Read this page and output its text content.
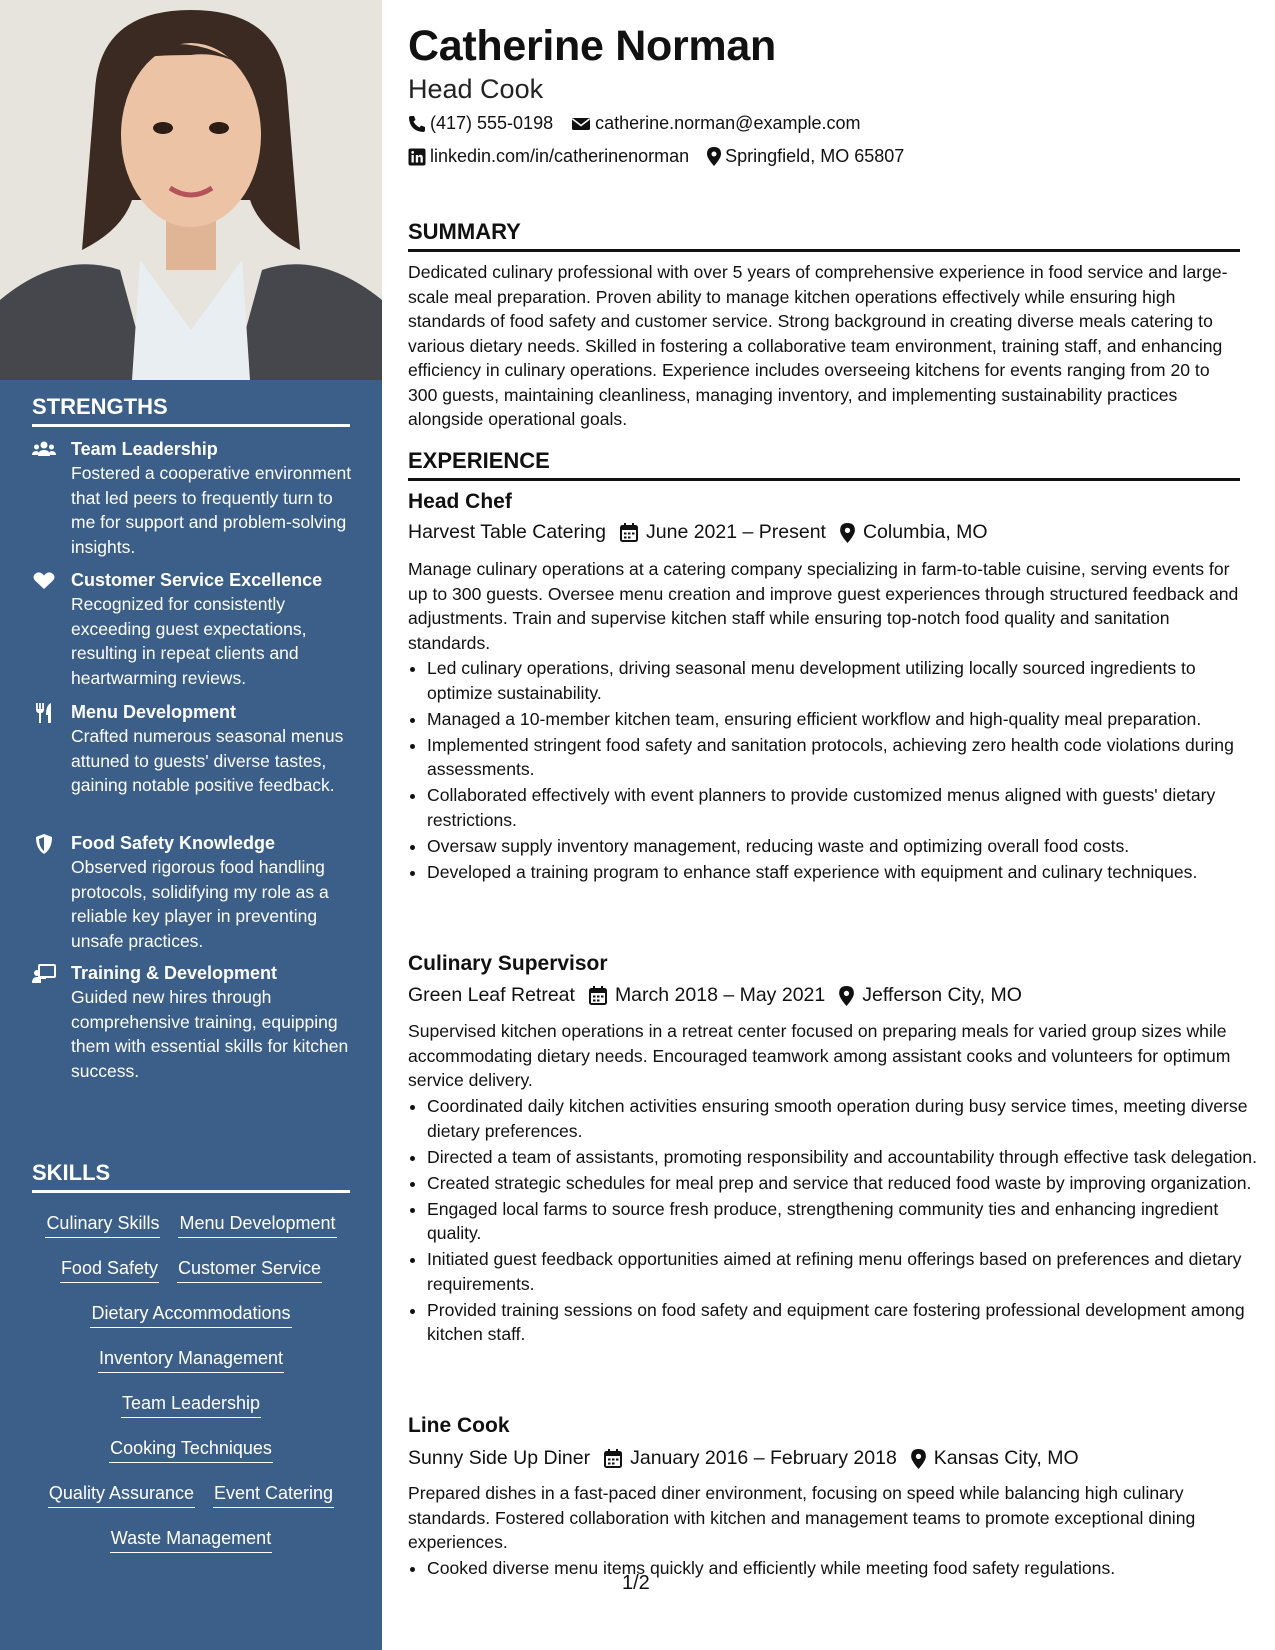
STRENGTHS
Team Leadership
Fostered a cooperative environment that led peers to frequently turn to me for support and problem-solving insights.
Customer Service Excellence
Recognized for consistently exceeding guest expectations, resulting in repeat clients and heartwarming reviews.
Menu Development
Crafted numerous seasonal menus attuned to guests' diverse tastes, gaining notable positive feedback.
Food Safety Knowledge
Observed rigorous food handling protocols, solidifying my role as a reliable key player in preventing unsafe practices.
Training & Development
Guided new hires through comprehensive training, equipping them with essential skills for kitchen success.
SKILLS
Culinary Skills Menu Development
Food Safety Customer Service
Dietary Accommodations
Inventory Management
Team Leadership
Cooking Techniques
Quality Assurance Event Catering
Waste Management
Catherine Norman
Head Cook
(417) 555-0198 catherine.norman@example.com
linkedin.com/in/catherinenorman Springfield, MO 65807
SUMMARY
Dedicated culinary professional with over 5 years of comprehensive experience in food service and large-scale meal preparation. Proven ability to manage kitchen operations effectively while ensuring high standards of food safety and customer service. Strong background in creating diverse meals catering to various dietary needs. Skilled in fostering a collaborative team environment, training staff, and enhancing efficiency in culinary operations. Experience includes overseeing kitchens for events ranging from 20 to 300 guests, maintaining cleanliness, managing inventory, and implementing sustainability practices alongside operational goals.
EXPERIENCE
Head Chef
Harvest Table Catering June 2021 – Present Columbia, MO
Manage culinary operations at a catering company specializing in farm-to-table cuisine, serving events for up to 300 guests. Oversee menu creation and improve guest experiences through structured feedback and adjustments. Train and supervise kitchen staff while ensuring top-notch food quality and sanitation standards.
• Led culinary operations, driving seasonal menu development utilizing locally sourced ingredients to optimize sustainability.
• Managed a 10-member kitchen team, ensuring efficient workflow and high-quality meal preparation.
• Implemented stringent food safety and sanitation protocols, achieving zero health code violations during assessments.
• Collaborated effectively with event planners to provide customized menus aligned with guests' dietary restrictions.
• Oversaw supply inventory management, reducing waste and optimizing overall food costs.
• Developed a training program to enhance staff experience with equipment and culinary techniques.
Culinary Supervisor
Green Leaf Retreat March 2018 – May 2021 Jefferson City, MO
Supervised kitchen operations in a retreat center focused on preparing meals for varied group sizes while accommodating dietary needs. Encouraged teamwork among assistant cooks and volunteers for optimum service delivery.
• Coordinated daily kitchen activities ensuring smooth operation during busy service times, meeting diverse dietary preferences.
• Directed a team of assistants, promoting responsibility and accountability through effective task delegation.
• Created strategic schedules for meal prep and service that reduced food waste by improving organization.
• Engaged local farms to source fresh produce, strengthening community ties and enhancing ingredient quality.
• Initiated guest feedback opportunities aimed at refining menu offerings based on preferences and dietary requirements.
• Provided training sessions on food safety and equipment care fostering professional development among kitchen staff.
Line Cook
Sunny Side Up Diner January 2016 – February 2018 Kansas City, MO
Prepared dishes in a fast-paced diner environment, focusing on speed while balancing high culinary standards. Fostered collaboration with kitchen and management teams to promote exceptional dining experiences.
• Cooked diverse menu items quickly and efficiently while meeting food safety regulations.
1/2
